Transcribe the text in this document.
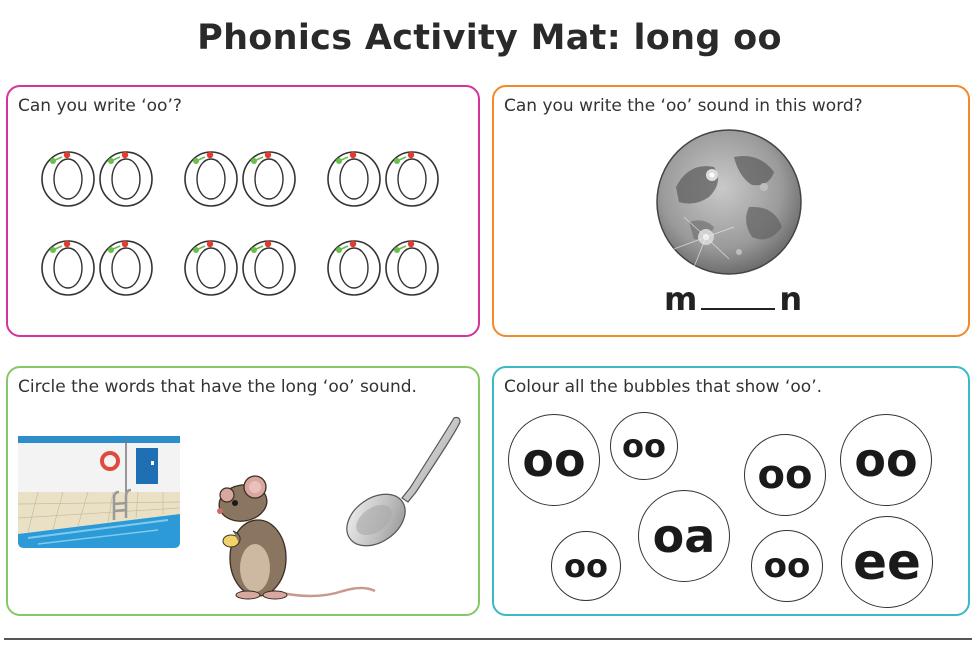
Phonics Activity Mat: long oo
Can you write ‘oo’?	Can you write the ‘oo’ sound in this word?
m	n
Circle the words that have the long ‘oo’ sound.	Colour all the bubbles that show ‘oo’.
oo	oo
oo oo
oa
oo	oo ee
